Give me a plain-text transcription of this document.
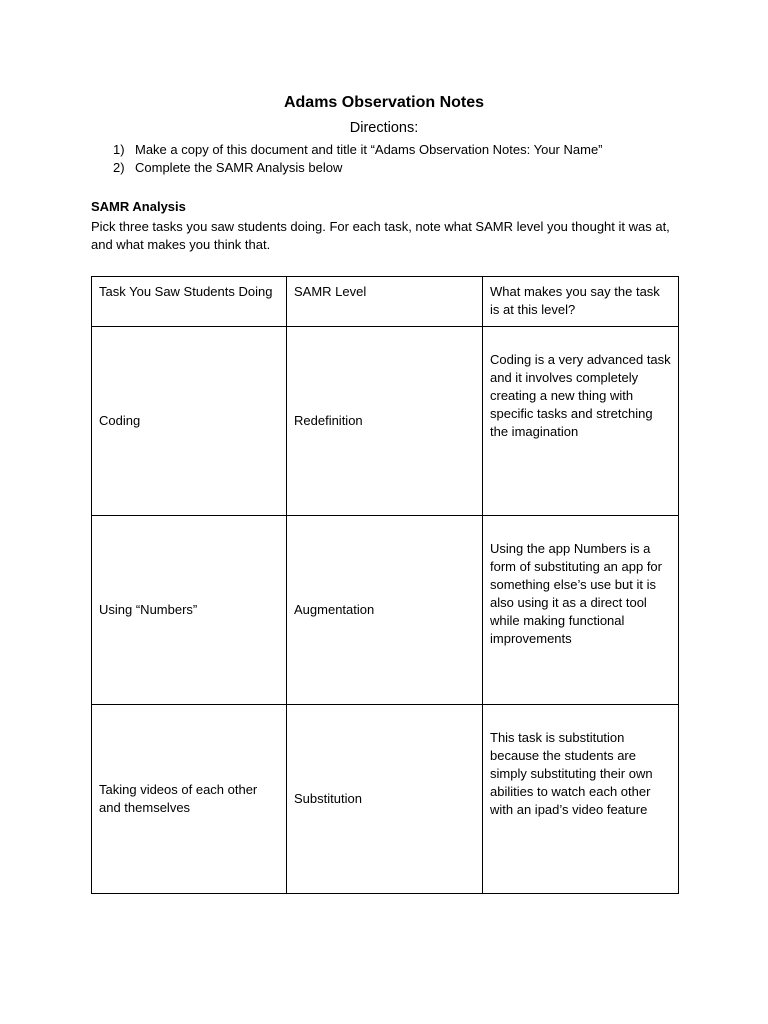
Adams Observation Notes
Directions:
1) Make a copy of this document and title it “Adams Observation Notes: Your Name”
2) Complete the SAMR Analysis below
SAMR Analysis
Pick three tasks you saw students doing. For each task, note what SAMR level you thought it was at, and what makes you think that.
Task You Saw Students Doing	SAMR Level	What makes you say the task is at this level?
Coding	Redefinition	Coding is a very advanced task and it involves completely creating a new thing with specific tasks and stretching the imagination
Using “Numbers”	Augmentation	Using the app Numbers is a form of substituting an app for something else’s use but it is also using it as a direct tool while making functional improvements
Taking videos of each other and themselves	Substitution	This task is substitution because the students are simply substituting their own abilities to watch each other with an ipad’s video feature
